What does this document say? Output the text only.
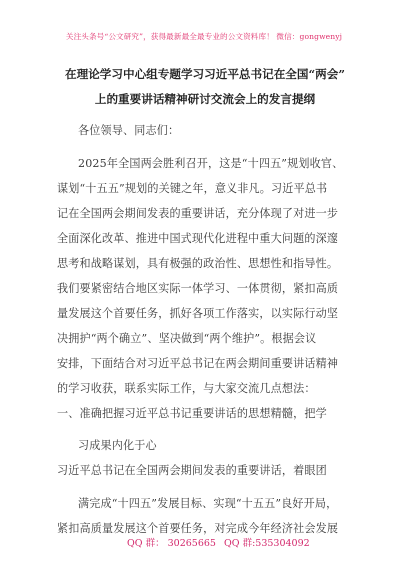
关注头条号“公文研究”，获得最新最全最专业的公文资料库！ 微信：gongwenyj
在理论学习中心组专题学习习近平总书记在全国“两会”
上的重要讲话精神研讨交流会上的发言提纲
各位领导、同志们：
2025年全国两会胜利召开，这是“十四五”规划收官、
谋划“十五五”规划的关键之年，意义非凡。习近平总书
记在全国两会期间发表的重要讲话，充分体现了对进一步
全面深化改革、推进中国式现代化进程中重大问题的深邃
思考和战略谋划，具有极强的政治性、思想性和指导性。
我们要紧密结合地区实际一体学习、一体贯彻，紧扣高质
量发展这个首要任务，抓好各项工作落实，以实际行动坚
决拥护“两个确立”、坚决做到“两个维护”。根据会议
安排，下面结合对习近平总书记在两会期间重要讲话精神
的学习收获，联系实际工作，与大家交流几点想法：
一、准确把握习近平总书记重要讲话的思想精髓，把学
习成果内化于心
习近平总书记在全国两会期间发表的重要讲话，着眼团
满完成“十四五”发展目标、实现“十五五”良好开局，
紧扣高质量发展这个首要任务，对完成今年经济社会发展
QQ 群： 30265665 QQ 群:535304092
